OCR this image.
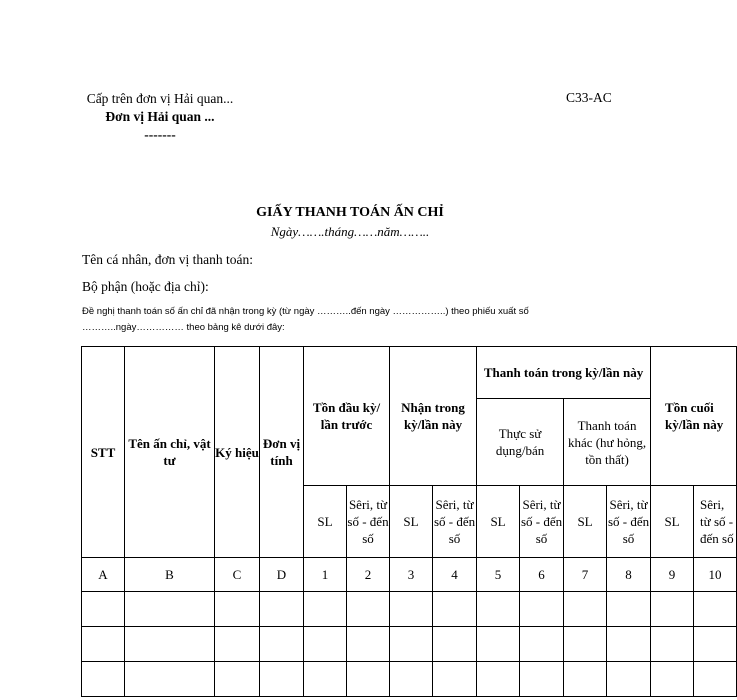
Cấp trên đơn vị Hải quan...
Đơn vị Hải quan ...
-------
C33-AC
GIẤY THANH TOÁN ẤN CHỈ
Ngày…….tháng……năm……..
Tên cá nhân, đơn vị thanh toán:
Bộ phận (hoặc địa chỉ):
Đề nghị thanh toán số ấn chỉ đã nhận trong kỳ (từ ngày ………..đến ngày ……………..) theo phiếu xuất số
………..ngày…………… theo bảng kê dưới đây:
STT	Tên ấn chỉ, vật tư	Ký hiệu	Đơn vị tính	Tồn đầu kỳ/ lần trước		Nhận trong kỳ/lần này		Thanh toán trong kỳ/lần này				Tồn cuối kỳ/lần này	
								Thực sử dụng/bán		Thanh toán khác (hư hỏng, tồn thất)			
				SL	Sêri, từ số - đến số	SL	Sêri, từ số - đến số	SL	Sêri, từ số - đến số	SL	Sêri, từ số - đến số	SL	Sêri, từ số - đến số
A	B	C	D	1	2	3	4	5	6	7	8	9	10
